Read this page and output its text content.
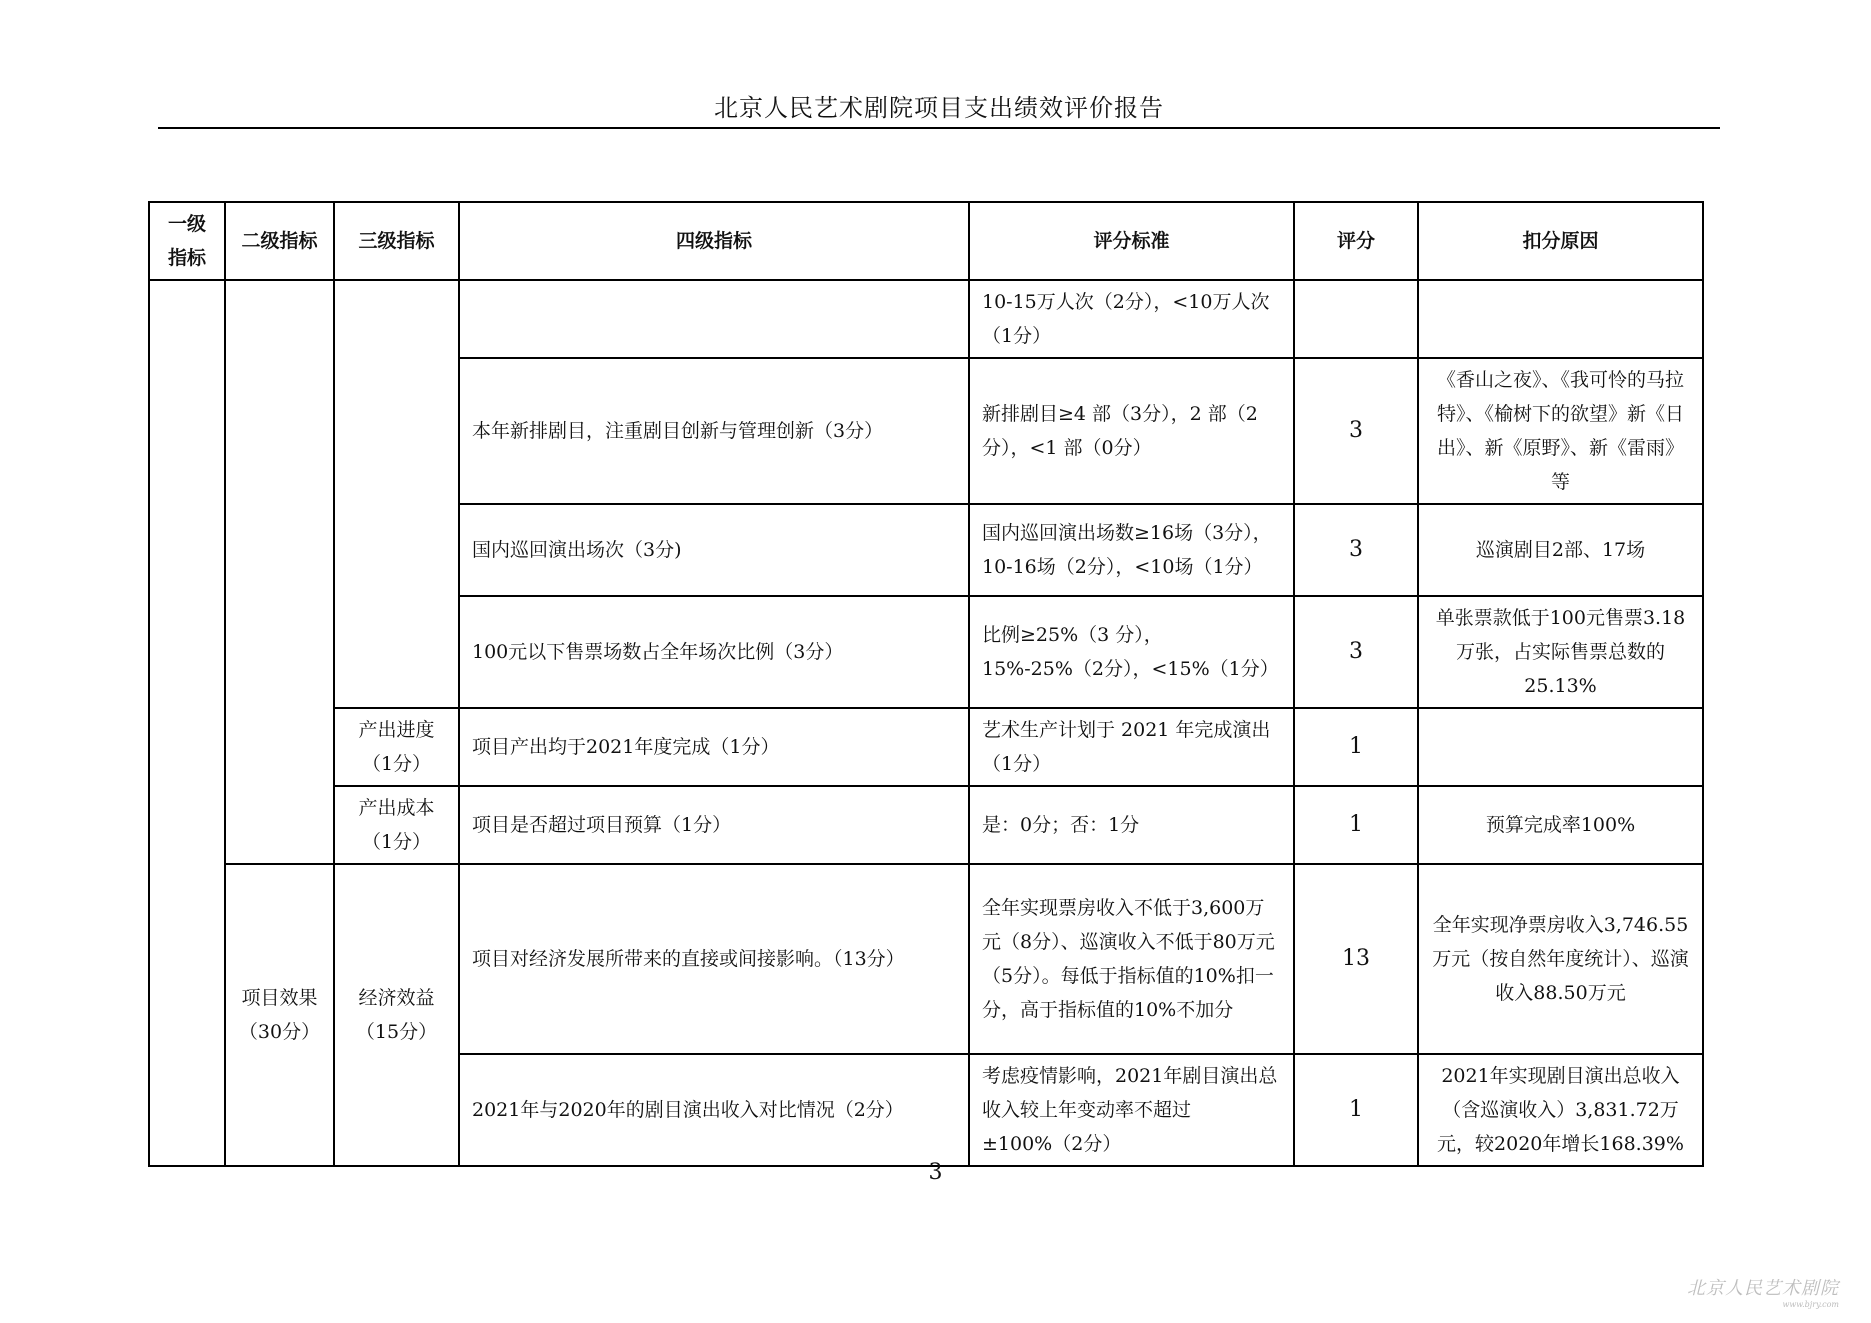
北京人民艺术剧院项目支出绩效评价报告
一级指标	二级指标	三级指标	四级指标	评分标准	评分	扣分原因
				10-15万人次（2分），<10万人次（1分）		
			本年新排剧目，注重剧目创新与管理创新（3分）	新排剧目≥4 部（3分），2 部（2分），<1 部（0分）	3	《香山之夜》、《我可怜的马拉特》、《榆树下的欲望》新《日出》、新《原野》、新《雷雨》等
			国内巡回演出场次（3分)	国内巡回演出场数≥16场（3分），10-16场（2分），<10场（1分）	3	巡演剧目2部、17场
			100元以下售票场数占全年场次比例（3分）	比例≥25%（3 分），15%-25%（2分），<15%（1分）	3	单张票款低于100元售票3.18万张，占实际售票总数的25.13%
		产出进度（1分）	项目产出均于2021年度完成（1分）	艺术生产计划于 2021 年完成演出（1分）	1	
		产出成本（1分）	项目是否超过项目预算（1分）	是：0分；否：1分	1	预算完成率100%
	项目效果（30分）	经济效益（15分）	项目对经济发展所带来的直接或间接影响。（13分）	全年实现票房收入不低于3,600万元（8分）、巡演收入不低于80万元（5分）。每低于指标值的10%扣一分，高于指标值的10%不加分	13	全年实现净票房收入3,746.55万元（按自然年度统计）、巡演收入88.50万元
			2021年与2020年的剧目演出收入对比情况（2分）	考虑疫情影响，2021年剧目演出总收入较上年变动率不超过±100%（2分）	1	2021年实现剧目演出总收入（含巡演收入）3,831.72万元，较2020年增长168.39%
3
北京人民艺术剧院
www.bjry.com
